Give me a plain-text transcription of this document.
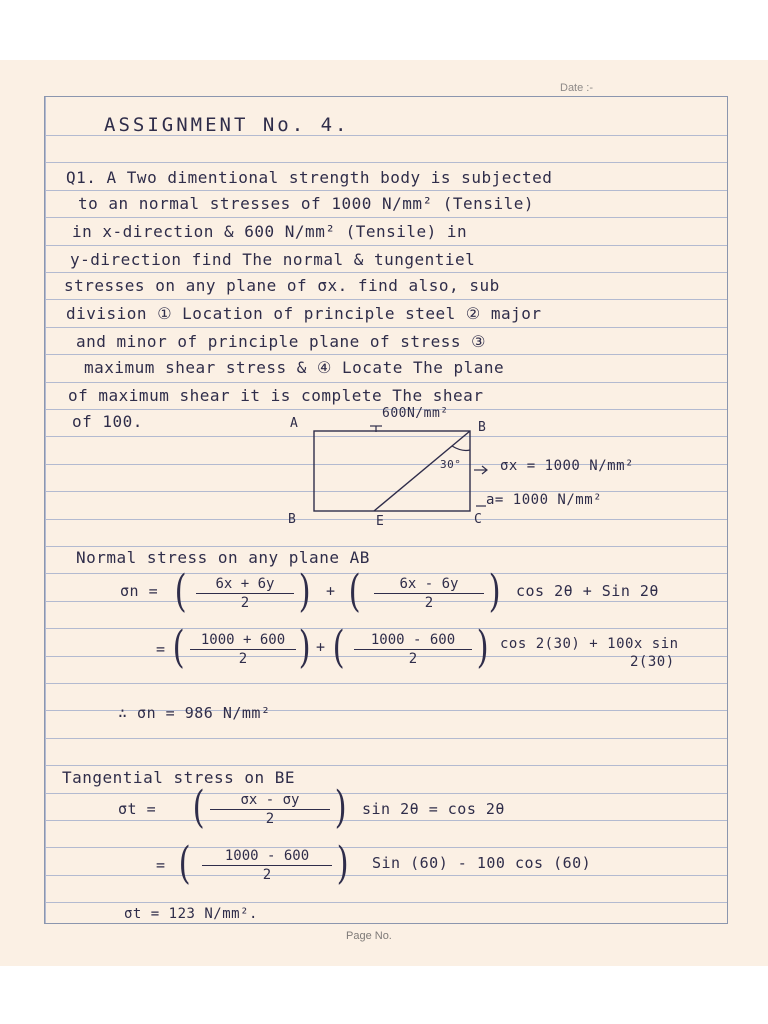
Date :-
ASSIGNMENT No. 4.
Q1. A Two dimentional strength body is subjected
to an normal stresses of 1000 N/mm² (Tensile)
in x-direction & 600 N/mm² (Tensile) in
y-direction find The normal & tungentiel
stresses on any plane of σx. find also, sub
division ① Location of principle steel ② major
and minor of principle plane of stress ③
maximum shear stress & ④ Locate The plane
of maximum shear it is complete The shear
of 100.	A
600N/mm²
B
30°	σx = 1000 N/mm²
a= 1000 N/mm²
B	E	C
Normal stress on any plane AB
σn = ( $\frac{6x + 6y}{2}$ ) + ( $\frac{6x - 6y}{2}$ ) cos 2θ + Sin 2θ
= ( $\frac{1000 + 600}{2}$ ) + ( $\frac{1000 - 600}{2}$ ) cos 2(30) + 100x sin
2(30)
∴ σn = 986 N/mm²
Tangential stress on BE
σt = ( $\frac{\sigma x - \sigma y}{2}$ ) sin 2θ = cos 2θ
= ( $\frac{1000 - 600}{2}$ ) Sin (60) - 100 cos (60)
σt = 123 N/mm².
Page No.
